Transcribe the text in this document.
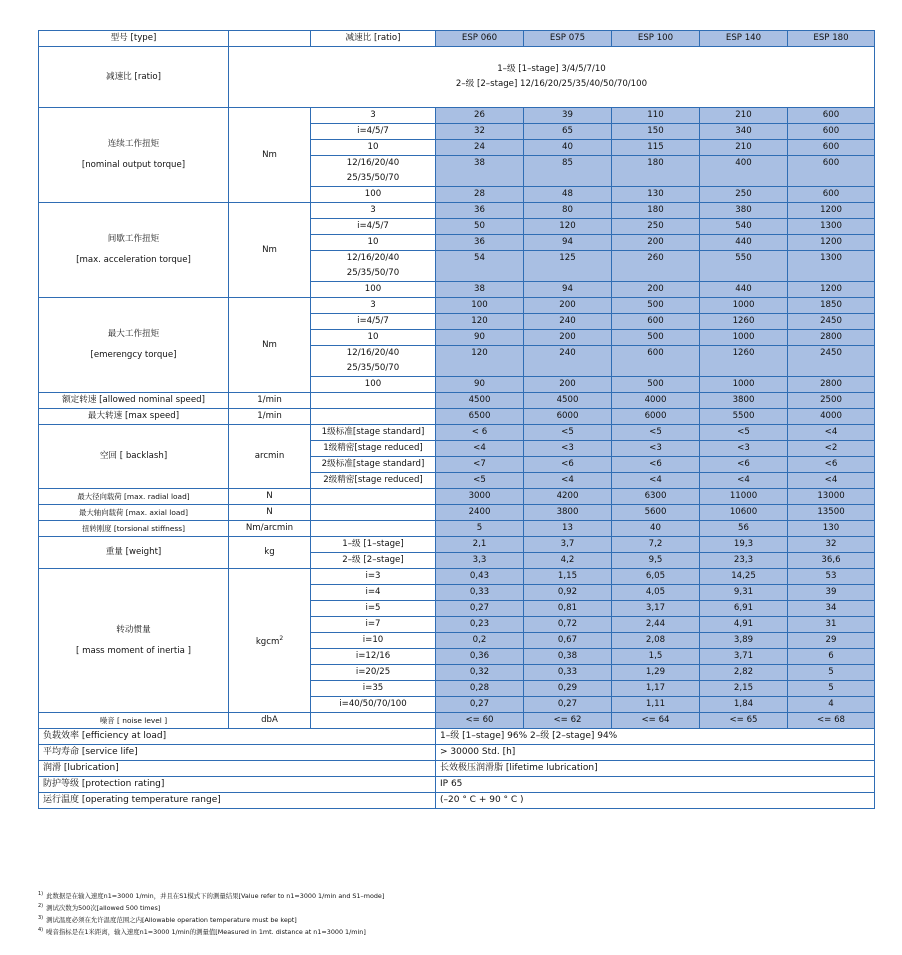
型号 [type]		减速比 [ratio]	ESP 060	ESP 075	ESP 100	ESP 140	ESP 180
减速比 [ratio]	1–级 [1–stage] 3/4/5/7/10
2–级 [2–stage] 12/16/20/25/35/40/50/70/100						

连续工作扭矩
[nominal output torque]	Nm	3	26	39	110	210	600

		i=4/5/7	32	65	150	340	600

		10	24	40	115	210	600

		12/16/20/40
25/35/50/70	38	85	180	400	600

		100	28	48	130	250	600

间歇工作扭矩
[max. acceleration torque]	Nm	3	36	80	180	380	1200

		i=4/5/7	50	120	250	540	1300

		10	36	94	200	440	1200

		12/16/20/40
25/35/50/70	54	125	260	550	1300

		100	38	94	200	440	1200

最大工作扭矩
[emerengcy torque]	Nm	3	100	200	500	1000	1850

		i=4/5/7	120	240	600	1260	2450

		10	90	200	500	1000	2800

		12/16/20/40
25/35/50/70	120	240	600	1260	2450

		100	90	200	500	1000	2800
额定转速 [allowed nominal speed]	1/min		4500	4500	4000	3800	2500
最大转速 [max speed]	1/min		6500	6000	6000	5500	4000
空回 [ backlash]	arcmin	1级标准[stage standard]	< 6	<5	<5	<5	<4
		1级精密[stage reduced]	<4	<3	<3	<3	<2
		2级标准[stage standard]	<7	<6	<6	<6	<6
		2级精密[stage reduced]	<5	<4	<4	<4	<4
最大径向载荷 [max. radial load]	N		3000	4200	6300	11000	13000
最大轴向载荷 [max. axial load]	N		2400	3800	5600	10600	13500
扭转刚度 [torsional stiffness]	Nm/arcmin		5	13	40	56	130
重量 [weight]	kg	1–级 [1–stage]	2,1	3,7	7,2	19,3	32
		2–级 [2–stage]	3,3	4,2	9,5	23,3	36,6

转动惯量
[ mass moment of inertia ]	kgcm$^2$	i=3	0,43	1,15	6,05	14,25	53
		i=4	0,33	0,92	4,05	9,31	39
		i=5	0,27	0,81	3,17	6,91	34
		i=7	0,23	0,72	2,44	4,91	31
		i=10	0,2	0,67	2,08	3,89	29
		i=12/16	0,36	0,38	1,5	3,71	6
		i=20/25	0,32	0,33	1,29	2,82	5
		i=35	0,28	0,29	1,17	2,15	5
		i=40/50/70/100	0,27	0,27	1,11	1,84	4
噪音 [ noise level ]	dbA		<= 60	<= 62	<= 64	<= 65	<= 68
负载效率 [efficiency at load]			1–级 [1–stage] 96% 2–级 [2–stage] 94%				
平均寿命 [service life]			> 30000 Std. [h]				
润滑 [lubrication]			长效极压润滑脂 [lifetime lubrication]				
防护等级 [protection rating]			IP 65				
运行温度 [operating temperature range]			(–20 ° C + 90 ° C )				
$^{1)}$ 此数据是在输入速度n1=3000 1/min，并且在S1模式下的测量结果[Value refer to n1=3000 1/min and S1–mode]
$^{2)}$ 测试次数为500次[allowed 500 times]
$^{3)}$ 测试温度必须在允许温度范围之内[Allowable operation temperature must be kept]
$^{4)}$ 噪音指标是在1米距离，输入速度n1=3000 1/min的测量值[Measured in 1mt. distance at n1=3000 1/min]
